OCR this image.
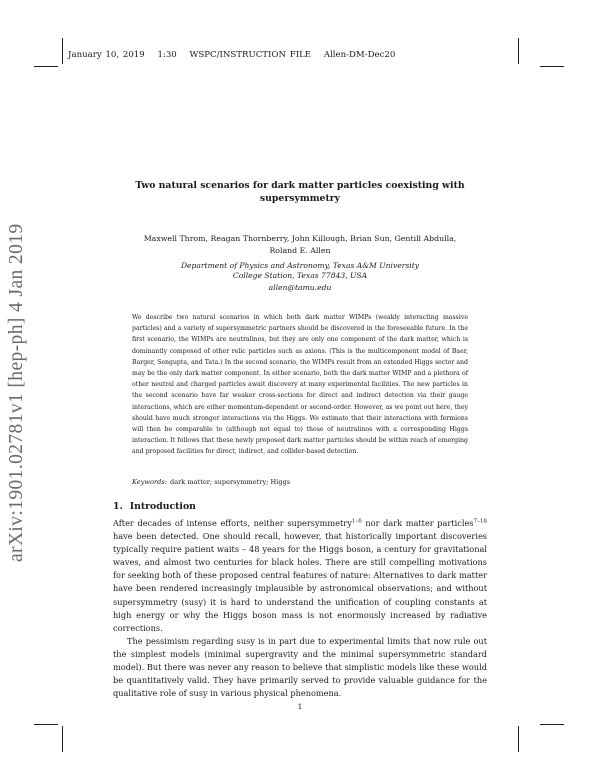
January 10, 2019 1:30 WSPC/INSTRUCTION FILE Allen-DM-Dec20
arXiv:1901.02781v1 [hep-ph] 4 Jan 2019
Two natural scenarios for dark matter particles coexisting with
supersymmetry
Maxwell Throm, Reagan Thornberry, John Killough, Brian Sun, Gentill Abdulla,
Roland E. Allen
Department of Physics and Astronomy, Texas A&M University
College Station, Texas 77843, USA
allen@tamu.edu
We describe two natural scenarios in which both dark matter WIMPs (weakly interacting massive particles) and a variety of supersymmetric partners should be discovered in the foreseeable future. In the first scenario, the WIMPs are neutralinos, but they are only one component of the dark matter, which is dominantly composed of other relic particles such as axions. (This is the multicomponent model of Baer, Barger, Sengupta, and Tata.) In the second scenario, the WIMPs result from an extended Higgs sector and may be the only dark matter component. In either scenario, both the dark matter WIMP and a plethora of other neutral and charged particles await discovery at many experimental facilities. The new particles in the second scenario have far weaker cross-sections for direct and indirect detection via their gauge interactions, which are either momentum-dependent or second-order. However, as we point out here, they should have much stronger interactions via the Higgs. We estimate that their interactions with fermions will then be comparable to (although not equal to) those of neutralinos with a corresponding Higgs interaction. It follows that these newly proposed dark matter particles should be within reach of emerging and proposed facilities for direct, indirect, and collider-based detection.
Keywords: dark matter; supersymmetry; Higgs
1. Introduction

After decades of intense efforts, neither supersymmetry$^{1-6}$ nor dark matter particles$^{7-18}$ have been detected. One should recall, however, that historically important discoveries typically require patient waits – 48 years for the Higgs boson, a century for gravitational waves, and almost two centuries for black holes. There are still compelling motivations for seeking both of these proposed central features of nature: Alternatives to dark matter have been rendered increasingly implausible by astronomical observations; and without supersymmetry (susy) it is hard to understand the unification of coupling constants at high energy or why the Higgs boson mass is not enormously increased by radiative corrections.

The pessimism regarding susy is in part due to experimental limits that now rule out the simplest models (minimal supergravity and the minimal supersymmetric standard model). But there was never any reason to believe that simplistic models like these would be quantitatively valid. They have primarily served to provide valuable guidance for the qualitative role of susy in various physical phenomena.

1
